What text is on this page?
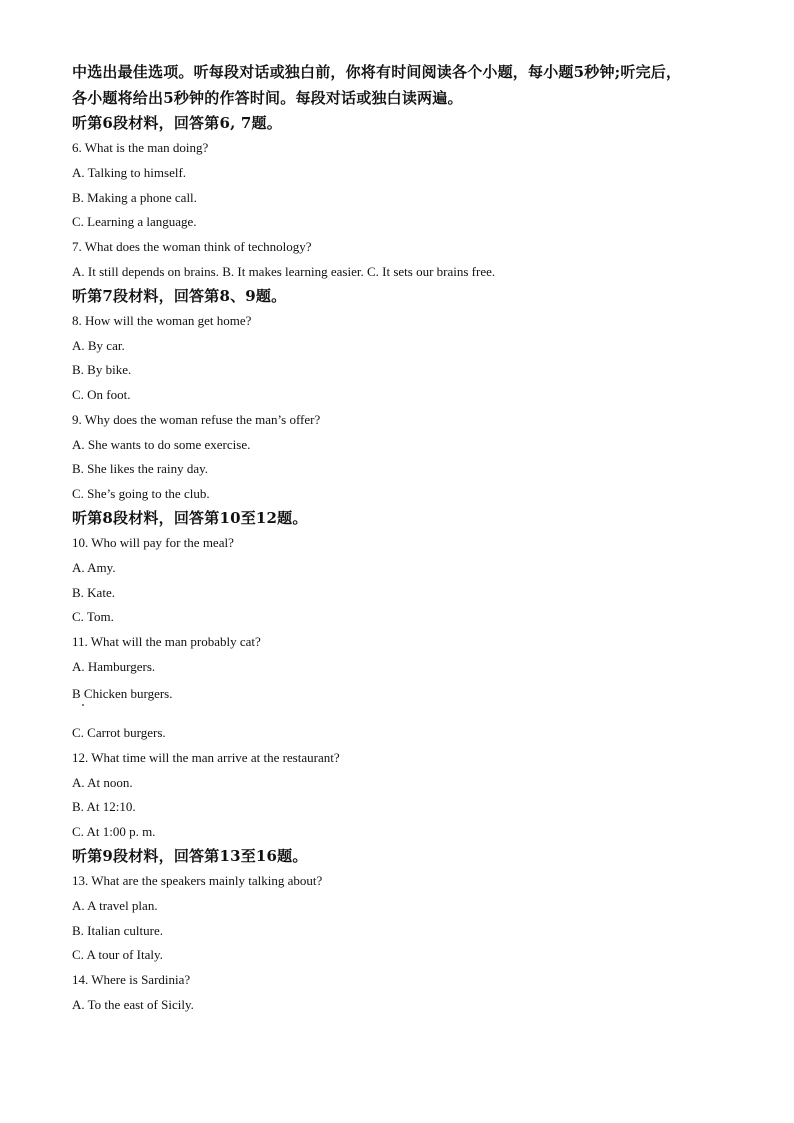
中选出最佳选项。听每段对话或独白前，你将有时间阅读各个小题，每小题5秒钟;听完后，
各小题将给出5秒钟的作答时间。每段对话或独白读两遍。
听第6段材料，回答第6, 7题。
6. What is the man doing?
A. Talking to himself.
B. Making a phone call.
C. Learning a language.
7. What does the woman think of technology?
A. It still depends on brains. B. It makes learning easier. C. It sets our brains free.
听第7段材料，回答第8、9题。
8. How will the woman get home?
A. By car.
B. By bike.
C. On foot.
9. Why does the woman refuse the man’s offer?
A. She wants to do some exercise.
B. She likes the rainy day.
C. She’s going to the club.
听第8段材料，回答第10至12题。
10. Who will pay for the meal?
A. Amy.
B. Kate.
C. Tom.
11. What will the man probably cat?
A. Hamburgers.
B Chicken burgers.
C. Carrot burgers.
12. What time will the man arrive at the restaurant?
A. At noon.
B. At 12:10.
C. At 1:00 p. m.
听第9段材料，回答第13至16题。
13. What are the speakers mainly talking about?
A. A travel plan.
B. Italian culture.
C. A tour of Italy.
14. Where is Sardinia?
A. To the east of Sicily.
